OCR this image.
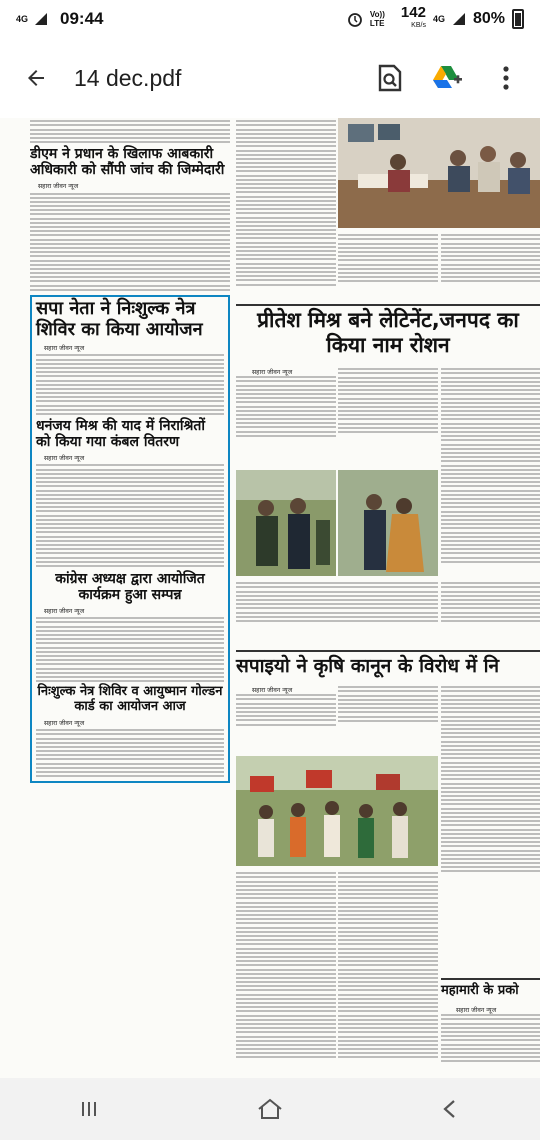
4G 09:44	Vo)) LTE
142
KB/s
4G 80%
14 dec.pdf
डीएम ने प्रधान के खिलाफ आबकारी अधिकारी को सौंपी जांच की जिम्मेदारी
सहारा जीवन न्यूज
सपा नेता ने निःशुल्क नेत्र शिविर का किया आयोजन
सहारा जीवन न्यूज
धनंजय मिश्र की याद में निराश्रितों को किया गया कंबल वितरण
सहारा जीवन न्यूज
कांग्रेस अध्यक्ष द्वारा आयोजित कार्यक्रम हुआ सम्पन्न
सहारा जीवन न्यूज
निःशुल्क नेत्र शिविर व आयुष्मान गोल्डन कार्ड का आयोजन आज
सहारा जीवन न्यूज
प्रीतेश मिश्र बने लेटिनेंट,जनपद का किया नाम रोशन
सहारा जीवन न्यूज
सपाइयो ने कृषि कानून के विरोध में नि
सहारा जीवन न्यूज
महामारी के प्रको
सहारा जीवन न्यूज
